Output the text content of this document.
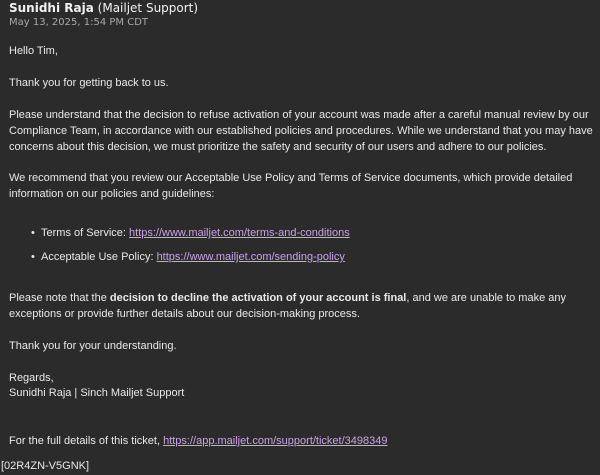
Sunidhi Raja (Mailjet Support)
May 13, 2025, 1:54 PM CDT

Hello Tim,

Thank you for getting back to us.

Please understand that the decision to refuse activation of your account was made after a careful manual review by our Compliance Team, in accordance with our established policies and procedures. While we understand that you may have concerns about this decision, we must prioritize the safety and security of our users and adhere to our policies.

We recommend that you review our Acceptable Use Policy and Terms of Service documents, which provide detailed information on our policies and guidelines:

•  Terms of Service: https://www.mailjet.com/terms-and-conditions
•  Acceptable Use Policy: https://www.mailjet.com/sending-policy

Please note that the decision to decline the activation of your account is final, and we are unable to make any exceptions or provide further details about our decision-making process.

Thank you for your understanding.

Regards,

Sunidhi Raja | Sinch Mailjet Support

For the full details of this ticket, https://app.mailjet.com/support/ticket/3498349

[02R4ZN-V5GNK]
